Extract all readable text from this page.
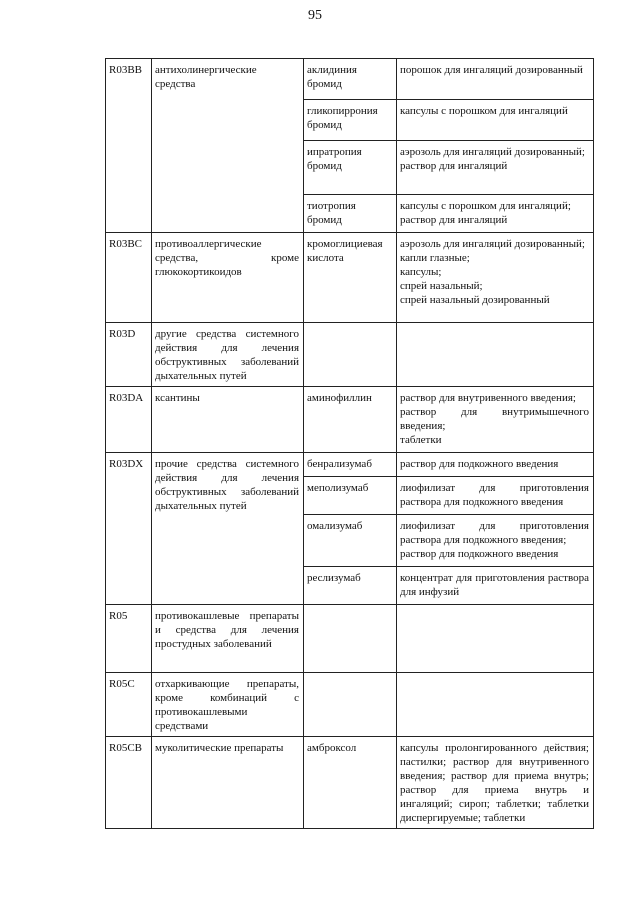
95
R03BB	антихолинергические средства	аклидиния бромид	порошок для ингаляций дозированный

		гликопиррония бромид	капсулы с порошком для ингаляций

		ипратропия бромид	аэрозоль для ингаляций дозированный;
раствор для ингаляций

		тиотропия бромид	капсулы с порошком для ингаляций;
раствор для ингаляций

R03BC	противоаллергические средства, кроме глюкокортикоидов	кромоглициевая кислота	аэрозоль для ингаляций дозированный;
капли глазные;
капсулы;
спрей назальный;
спрей назальный дозированный

R03D	другие средства системного действия для лечения обструктивных заболеваний дыхательных путей		
R03DA	ксантины	аминофиллин	раствор для внутривенного введения;
раствор для внутримышечного введения;
таблетки

R03DX	прочие средства системного действия для лечения обструктивных заболеваний дыхательных путей	бенрализумаб	раствор для подкожного введения

		меполизумаб	лиофилизат для приготовления раствора для подкожного введения

		омализумаб	лиофилизат для приготовления раствора для подкожного введения;
раствор для подкожного введения

		реслизумаб	концентрат для приготовления раствора для инфузий

R05	противокашлевые препараты и средства для лечения простудных заболеваний		
R05C	отхаркивающие препараты, кроме комбинаций с противокашлевыми средствами		
R05CB	муколитические препараты	амброксол	капсулы пролонгированного действия; пастилки; раствор для внутривенного введения; раствор для приема внутрь; раствор для приема внутрь и ингаляций; сироп; таблетки; таблетки диспергируемые; таблетки
